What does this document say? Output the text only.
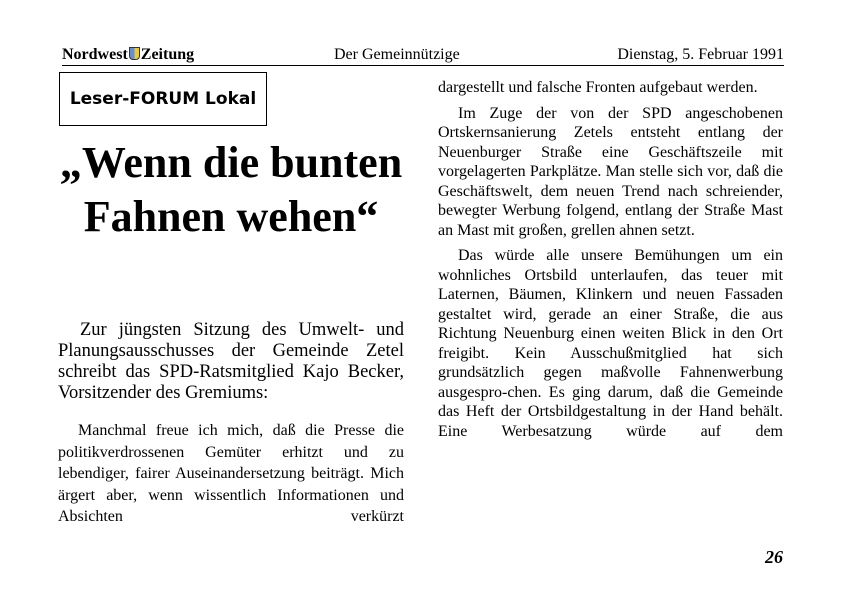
Nordwest Zeitung	Der Gemeinnützige	Dienstag, 5. Februar 1991
Leser-FORUM Lokal
„Wenn die bunten Fahnen wehen“

Zur jüngsten Sitzung des Umwelt- und Planungsausschusses der Gemeinde Zetel schreibt das SPD-Ratsmitglied Kajo Becker, Vorsitzender des Gremiums:

Manchmal freue ich mich, daß die Presse die politikverdrossenen Gemüter erhitzt und zu lebendiger, fairer Auseinandersetzung beiträgt. Mich ärgert aber, wenn wissentlich Informationen und Absichten verkürzt

dargestellt und falsche Fronten aufgebaut werden.

Im Zuge der von der SPD angeschobenen Ortskernsanierung Zetels entsteht entlang der Neuenburger Straße eine Geschäftszeile mit vorgelagerten Parkplätze. Man stelle sich vor, daß die Geschäftswelt, dem neuen Trend nach schreiender, bewegter Werbung folgend, entlang der Straße Mast an Mast mit großen, grellen ahnen setzt.

Das würde alle unsere Bemühungen um ein wohnliches Ortsbild unterlaufen, das teuer mit Laternen, Bäumen, Klinkern und neuen Fassaden gestaltet wird, gerade an einer Straße, die aus Richtung Neuenburg einen weiten Blick in den Ort freigibt. Kein Ausschußmitglied hat sich grundsätzlich gegen maßvolle Fahnenwerbung ausgespro-chen. Es ging darum, daß die Gemeinde das Heft der Ortsbildgestaltung in der Hand behält. Eine Werbesatzung würde auf dem

26
